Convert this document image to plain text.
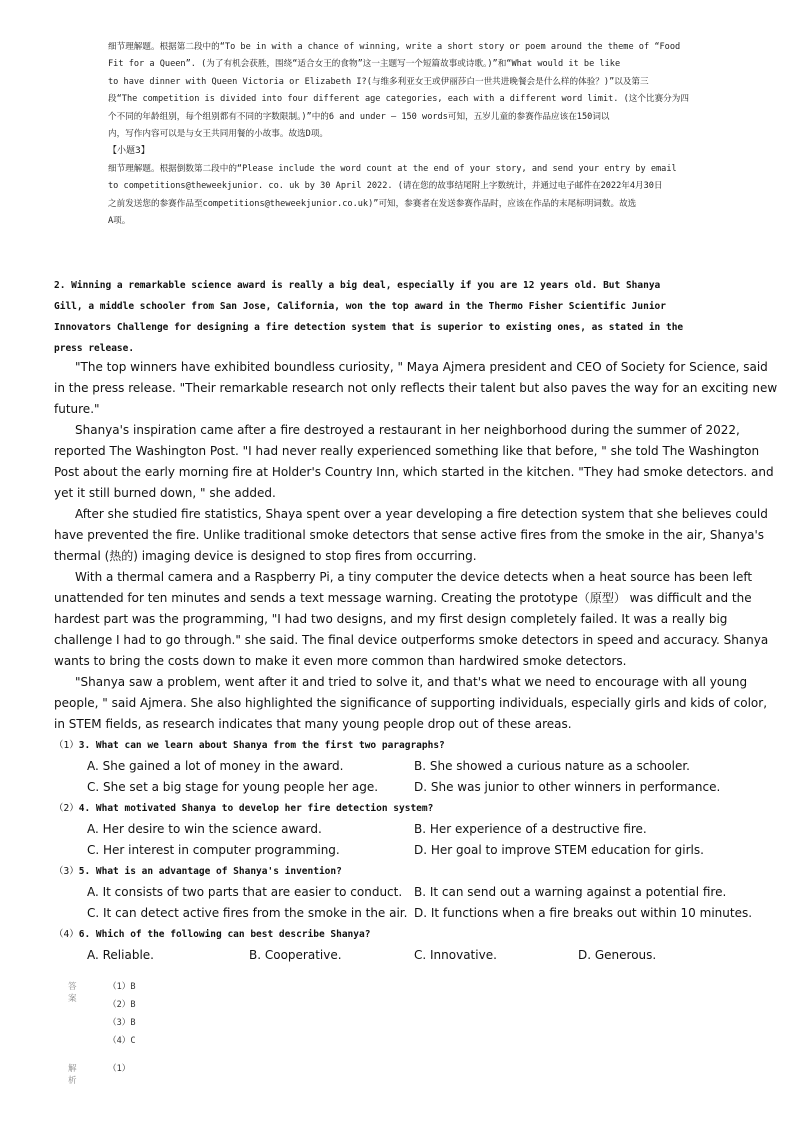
细节理解题。根据第二段中的“To be in with a chance of winning, write a short story or poem around the theme of “Food

Fit for a Queen”. (为了有机会获胜，围绕“适合女王的食物”这一主题写一个短篇故事或诗歌。)”和“What would it be like

to have dinner with Queen Victoria or Elizabeth I?(与维多利亚女王或伊丽莎白一世共进晚餐会是什么样的体验？)”以及第三

段“The competition is divided into four different age categories, each with a different word limit. (这个比赛分为四

个不同的年龄组别，每个组别都有不同的字数限制。)”中的6 and under — 150 words可知，五岁儿童的参赛作品应该在150词以

内，写作内容可以是与女王共同用餐的小故事。故选D项。

【小题3】

细节理解题。根据倒数第二段中的“Please include the word count at the end of your story, and send your entry by email

to competitions@theweekjunior. co. uk by 30 April 2022. (请在您的故事结尾附上字数统计，并通过电子邮件在2022年4月30日

之前发送您的参赛作品至competitions@theweekjunior.co.uk)”可知，参赛者在发送参赛作品时，应该在作品的末尾标明词数。故选

A项。

2. Winning a remarkable science award is really a big deal, especially if you are 12 years old. But Shanya

Gill, a middle schooler from San Jose, California, won the top award in the Thermo Fisher Scientific Junior

Innovators Challenge for designing a fire detection system that is superior to existing ones, as stated in the

press release.

"The top winners have exhibited boundless curiosity, " Maya Ajmera president and CEO of Society for Science, said
in the press release. "Their remarkable research not only reflects their talent but also paves the way for an exciting new
future."
Shanya's inspiration came after a fire destroyed a restaurant in her neighborhood during the summer of 2022,
reported The Washington Post. "I had never really experienced something like that before, " she told The Washington
Post about the early morning fire at Holder's Country Inn, which started in the kitchen. "They had smoke detectors. and
yet it still burned down, " she added.
After she studied fire statistics, Shaya spent over a year developing a fire detection system that she believes could
have prevented the fire. Unlike traditional smoke detectors that sense active fires from the smoke in the air, Shanya's
thermal (热的) imaging device is designed to stop fires from occurring.
With a thermal camera and a Raspberry Pi, a tiny computer the device detects when a heat source has been left
unattended for ten minutes and sends a text message warning. Creating the prototype（原型） was difficult and the
hardest part was the programming, "I had two designs, and my first design completely failed. It was a really big
challenge I had to go through." she said. The final device outperforms smoke detectors in speed and accuracy. Shanya
wants to bring the costs down to make it even more common than hardwired smoke detectors.
"Shanya saw a problem, went after it and tried to solve it, and that's what we need to encourage with all young
people, " said Ajmera. She also highlighted the significance of supporting individuals, especially girls and kids of color,
in STEM fields, as research indicates that many young people drop out of these areas.
（1）3. What can we learn about Shanya from the first two paragraphs?
A. She gained a lot of money in the award.	B. She showed a curious nature as a schooler.
C. She set a big stage for young people her age.	D. She was junior to other winners in performance.
（2）4. What motivated Shanya to develop her fire detection system?
A. Her desire to win the science award.	B. Her experience of a destructive fire.
C. Her interest in computer programming.	D. Her goal to improve STEM education for girls.
（3）5. What is an advantage of Shanya's invention?
A. It consists of two parts that are easier to conduct. B. It can send out a warning against a potential fire.
C. It can detect active fires from the smoke in the air. D. It functions when a fire breaks out within 10 minutes.
（4）6. Which of the following can best describe Shanya?
A. Reliable.	B. Cooperative.	C. Innovative.	D. Generous.
答案
（1）B
（2）B
（3）B
（4）C
解析
（1）
